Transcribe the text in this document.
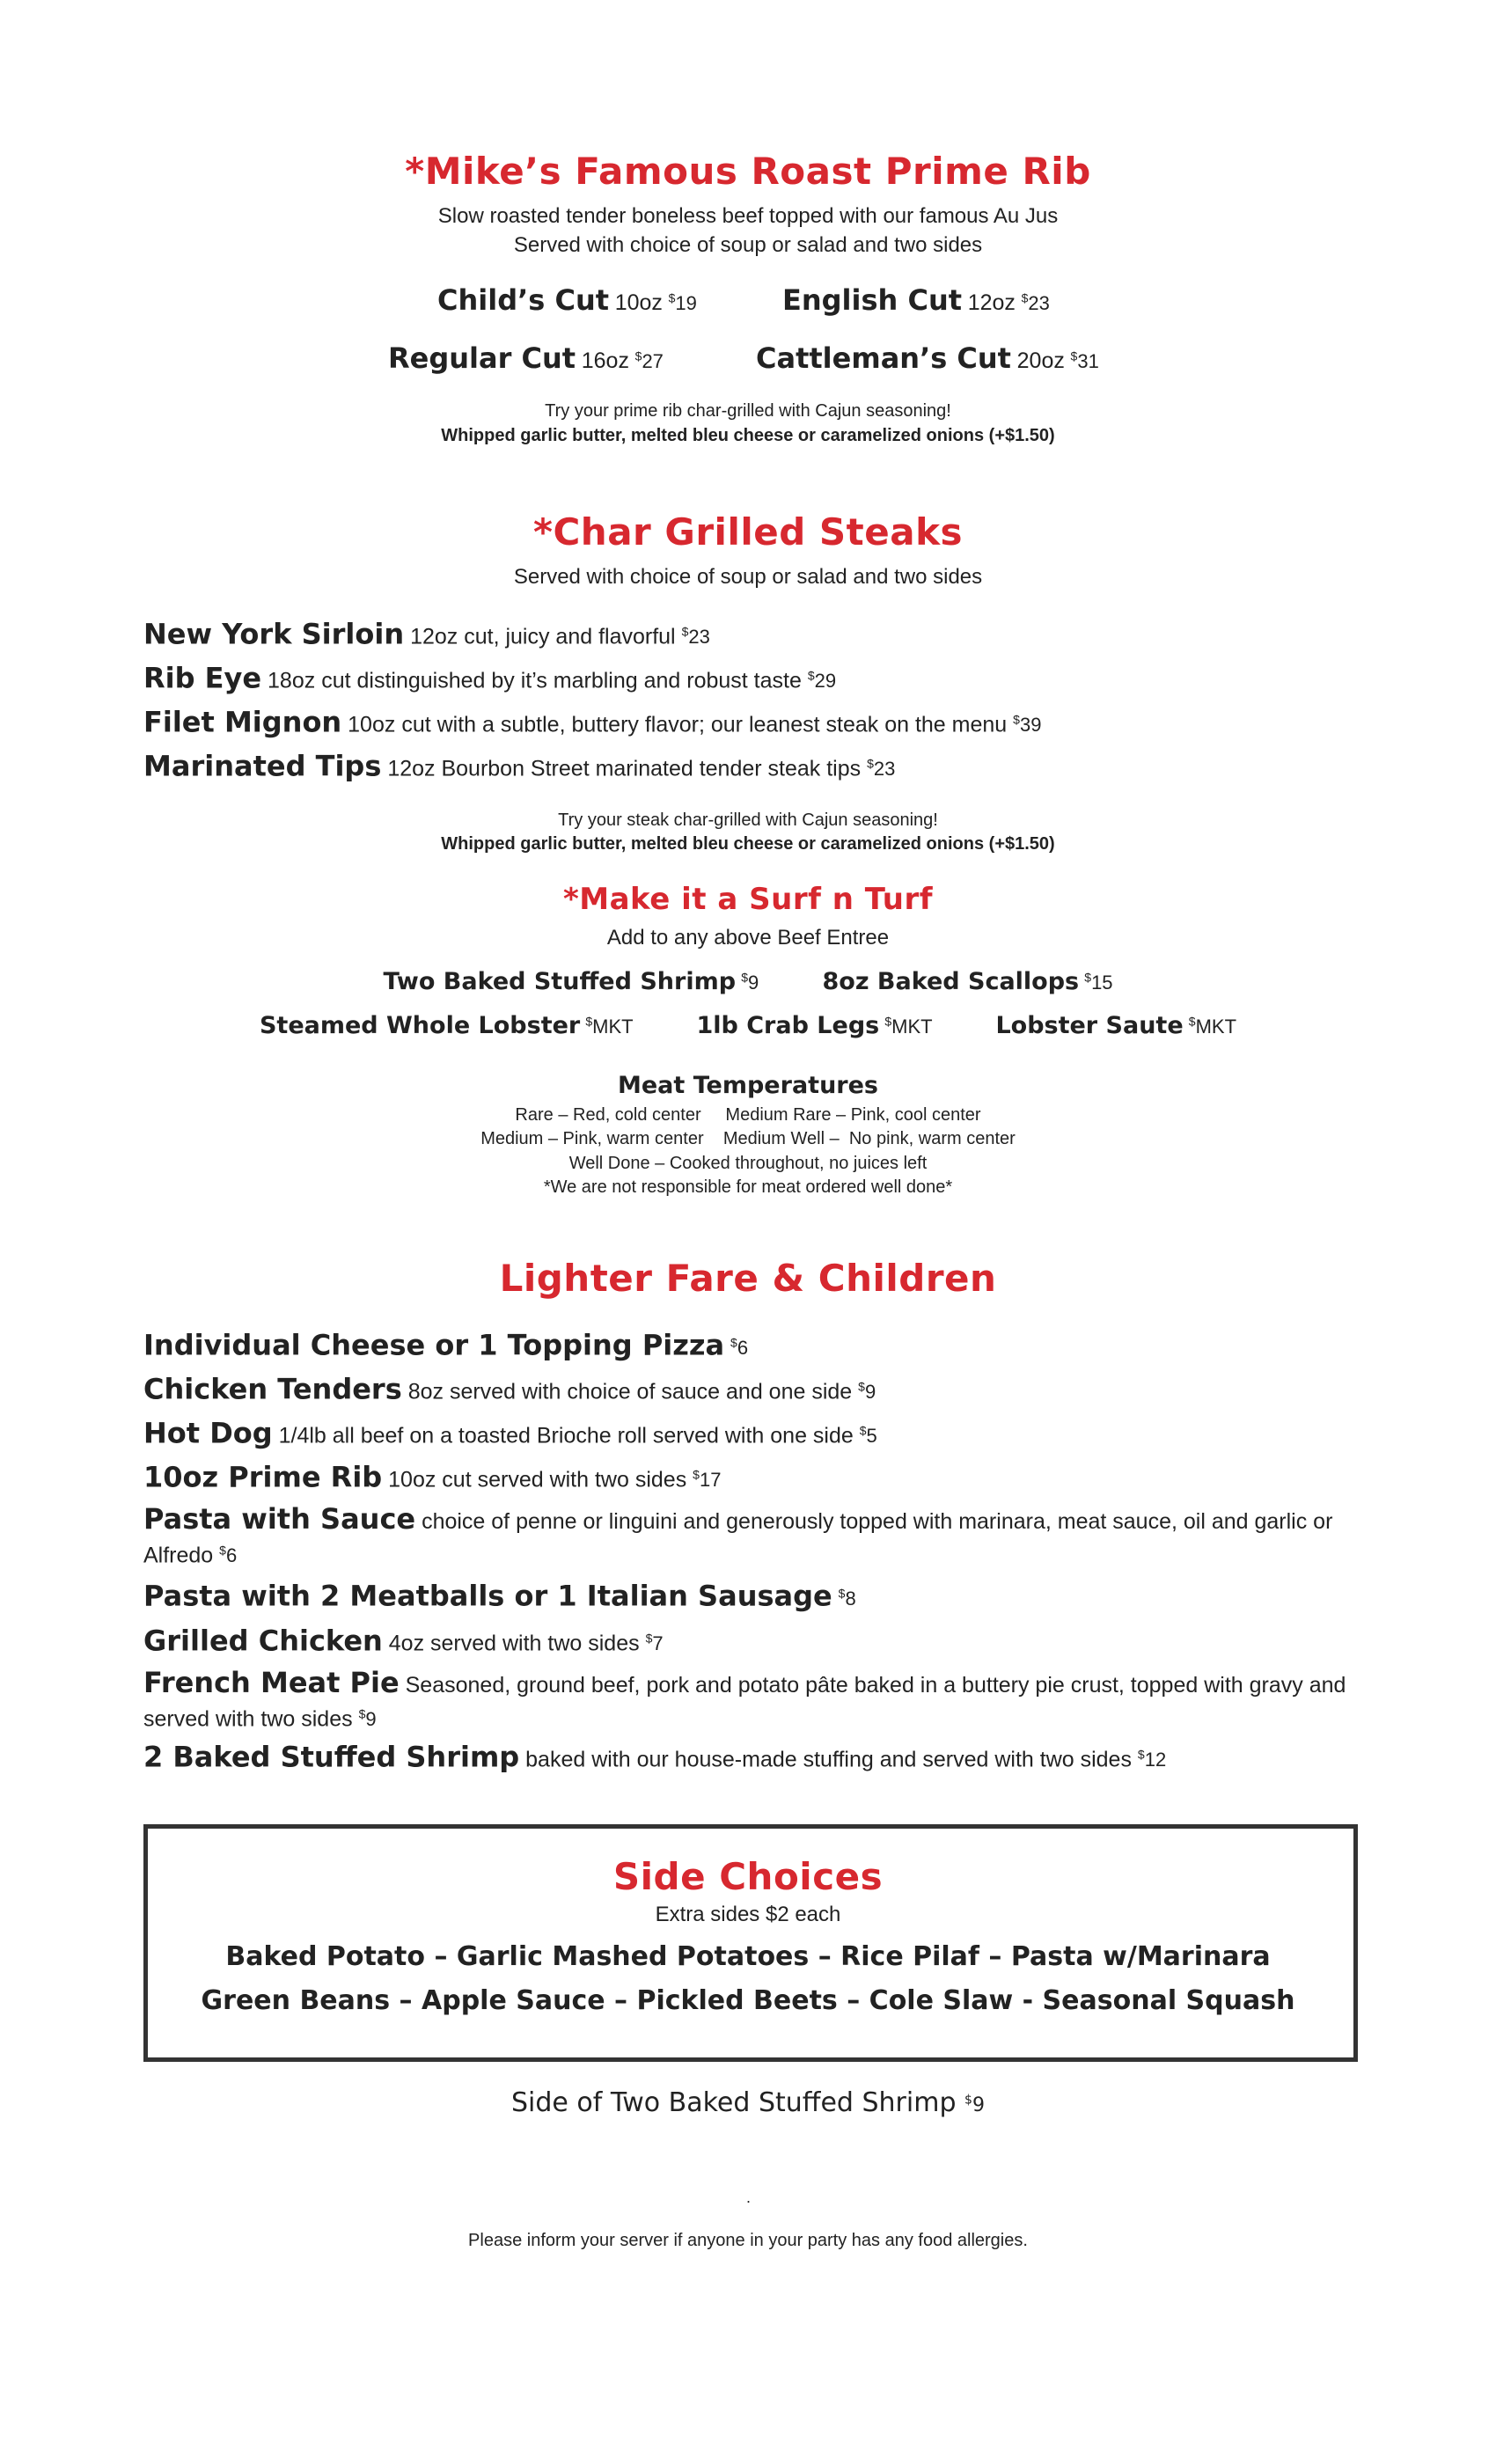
*Mike’s Famous Roast Prime Rib
Slow roasted tender boneless beef topped with our famous Au Jus
Served with choice of soup or salad and two sides
Child’s Cut 10oz $19	English Cut 12oz $23
Regular Cut 16oz $27	Cattleman’s Cut 20oz $31
Try your prime rib char-grilled with Cajun seasoning!
Whipped garlic butter, melted bleu cheese or caramelized onions (+$1.50)
*Char Grilled Steaks
Served with choice of soup or salad and two sides
New York Sirloin 12oz cut, juicy and flavorful $23
Rib Eye 18oz cut distinguished by it’s marbling and robust taste $29
Filet Mignon 10oz cut with a subtle, buttery flavor; our leanest steak on the menu $39
Marinated Tips 12oz Bourbon Street marinated tender steak tips $23
Try your steak char-grilled with Cajun seasoning!
Whipped garlic butter, melted bleu cheese or caramelized onions (+$1.50)
*Make it a Surf n Turf
Add to any above Beef Entree
Two Baked Stuffed Shrimp $9	8oz Baked Scallops $15
Steamed Whole Lobster $MKT	1lb Crab Legs $MKT	Lobster Saute $MKT
Meat Temperatures
Rare – Red, cold center     Medium Rare – Pink, cool center
Medium – Pink, warm center    Medium Well –  No pink, warm center
Well Done – Cooked throughout, no juices left
*We are not responsible for meat ordered well done*
Lighter Fare & Children
Individual Cheese or 1 Topping Pizza $6
Chicken Tenders 8oz served with choice of sauce and one side $9
Hot Dog 1/4lb all beef on a toasted Brioche roll served with one side $5
10oz Prime Rib 10oz cut served with two sides $17
Pasta with Sauce choice of penne or linguini and generously topped with marinara, meat sauce, oil and garlic or Alfredo $6
Pasta with 2 Meatballs or 1 Italian Sausage $8
Grilled Chicken 4oz served with two sides $7
French Meat Pie Seasoned, ground beef, pork and potato pâte baked in a buttery pie crust, topped with gravy and served with two sides $9
2 Baked Stuffed Shrimp baked with our house-made stuffing and served with two sides $12
Side Choices
Extra sides $2 each
Baked Potato – Garlic Mashed Potatoes – Rice Pilaf – Pasta w/Marinara
Green Beans – Apple Sauce – Pickled Beets – Cole Slaw - Seasonal Squash
Side of Two Baked Stuffed Shrimp $9
.
Please inform your server if anyone in your party has any food allergies.
